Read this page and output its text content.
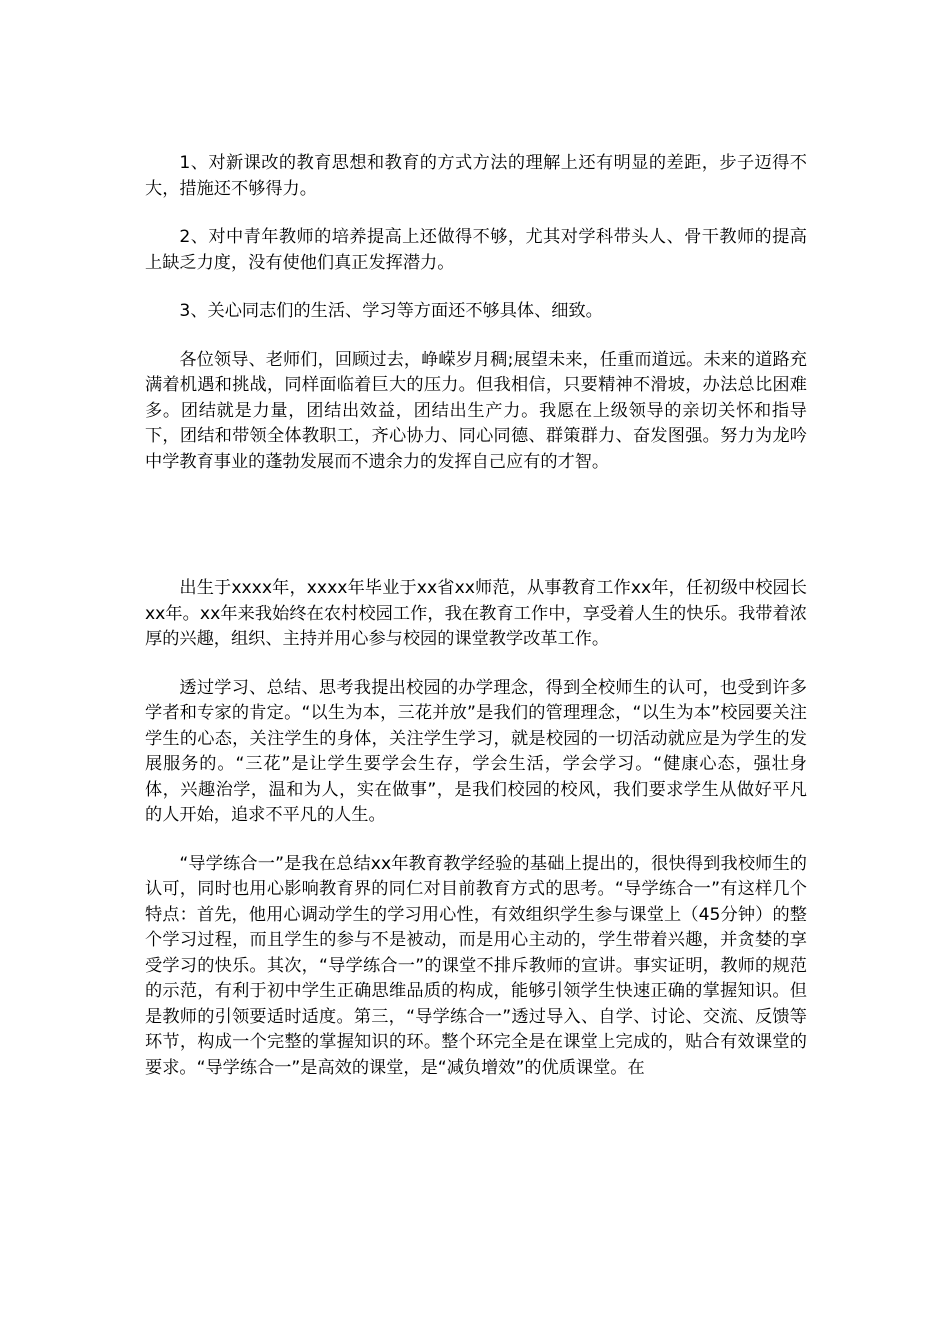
1、对新课改的教育思想和教育的方式方法的理解上还有明显的差距，步子迈得不大，措施还不够得力。

2、对中青年教师的培养提高上还做得不够，尤其对学科带头人、骨干教师的提高上缺乏力度，没有使他们真正发挥潜力。

3、关心同志们的生活、学习等方面还不够具体、细致。

各位领导、老师们，回顾过去，峥嵘岁月稠;展望未来，任重而道远。未来的道路充满着机遇和挑战，同样面临着巨大的压力。但我相信，只要精神不滑坡，办法总比困难多。团结就是力量，团结出效益，团结出生产力。我愿在上级领导的亲切关怀和指导下，团结和带领全体教职工，齐心协力、同心同德、群策群力、奋发图强。努力为龙吟中学教育事业的蓬勃发展而不遗余力的发挥自己应有的才智。

出生于xxxx年，xxxx年毕业于xx省xx师范，从事教育工作xx年，任初级中校园长xx年。xx年来我始终在农村校园工作，我在教育工作中，享受着人生的快乐。我带着浓厚的兴趣，组织、主持并用心参与校园的课堂教学改革工作。

透过学习、总结、思考我提出校园的办学理念，得到全校师生的认可，也受到许多学者和专家的肯定。“以生为本，三花并放”是我们的管理理念，“以生为本”校园要关注学生的心态，关注学生的身体，关注学生学习，就是校园的一切活动就应是为学生的发展服务的。“三花”是让学生要学会生存，学会生活，学会学习。“健康心态，强壮身体，兴趣治学，温和为人，实在做事”，是我们校园的校风，我们要求学生从做好平凡的人开始，追求不平凡的人生。

“导学练合一”是我在总结xx年教育教学经验的基础上提出的，很快得到我校师生的认可，同时也用心影响教育界的同仁对目前教育方式的思考。“导学练合一”有这样几个特点：首先，他用心调动学生的学习用心性，有效组织学生参与课堂上（45分钟）的整个学习过程，而且学生的参与不是被动，而是用心主动的，学生带着兴趣，并贪婪的享受学习的快乐。其次，“导学练合一”的课堂不排斥教师的宣讲。事实证明，教师的规范的示范，有利于初中学生正确思维品质的构成，能够引领学生快速正确的掌握知识。但是教师的引领要适时适度。第三，“导学练合一”透过导入、自学、讨论、交流、反馈等环节，构成一个完整的掌握知识的环。整个环完全是在课堂上完成的，贴合有效课堂的要求。“导学练合一”是高效的课堂，是“减负增效”的优质课堂。在
